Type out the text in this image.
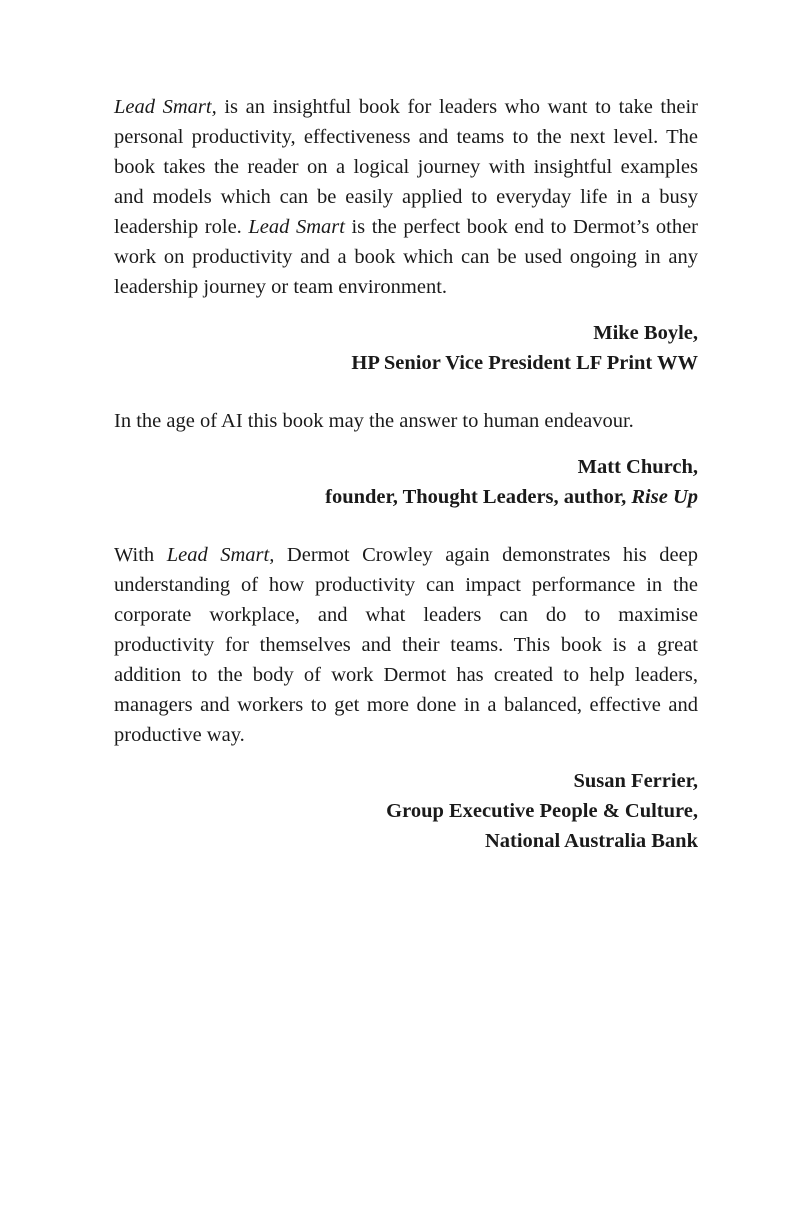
Lead Smart, is an insightful book for leaders who want to take their personal productivity, effectiveness and teams to the next level. The book takes the reader on a logical journey with insightful examples and models which can be easily applied to everyday life in a busy leadership role. Lead Smart is the perfect book end to Dermot’s other work on productivity and a book which can be used ongoing in any leadership journey or team environment.

Mike Boyle,
HP Senior Vice President LF Print WW

In the age of AI this book may the answer to human endeavour.

Matt Church,
founder, Thought Leaders, author, Rise Up

With Lead Smart, Dermot Crowley again demonstrates his deep understanding of how productivity can impact performance in the corporate workplace, and what leaders can do to maximise productivity for themselves and their teams. This book is a great addition to the body of work Dermot has created to help leaders, managers and workers to get more done in a balanced, effective and productive way.

Susan Ferrier,
Group Executive People & Culture,
National Australia Bank
